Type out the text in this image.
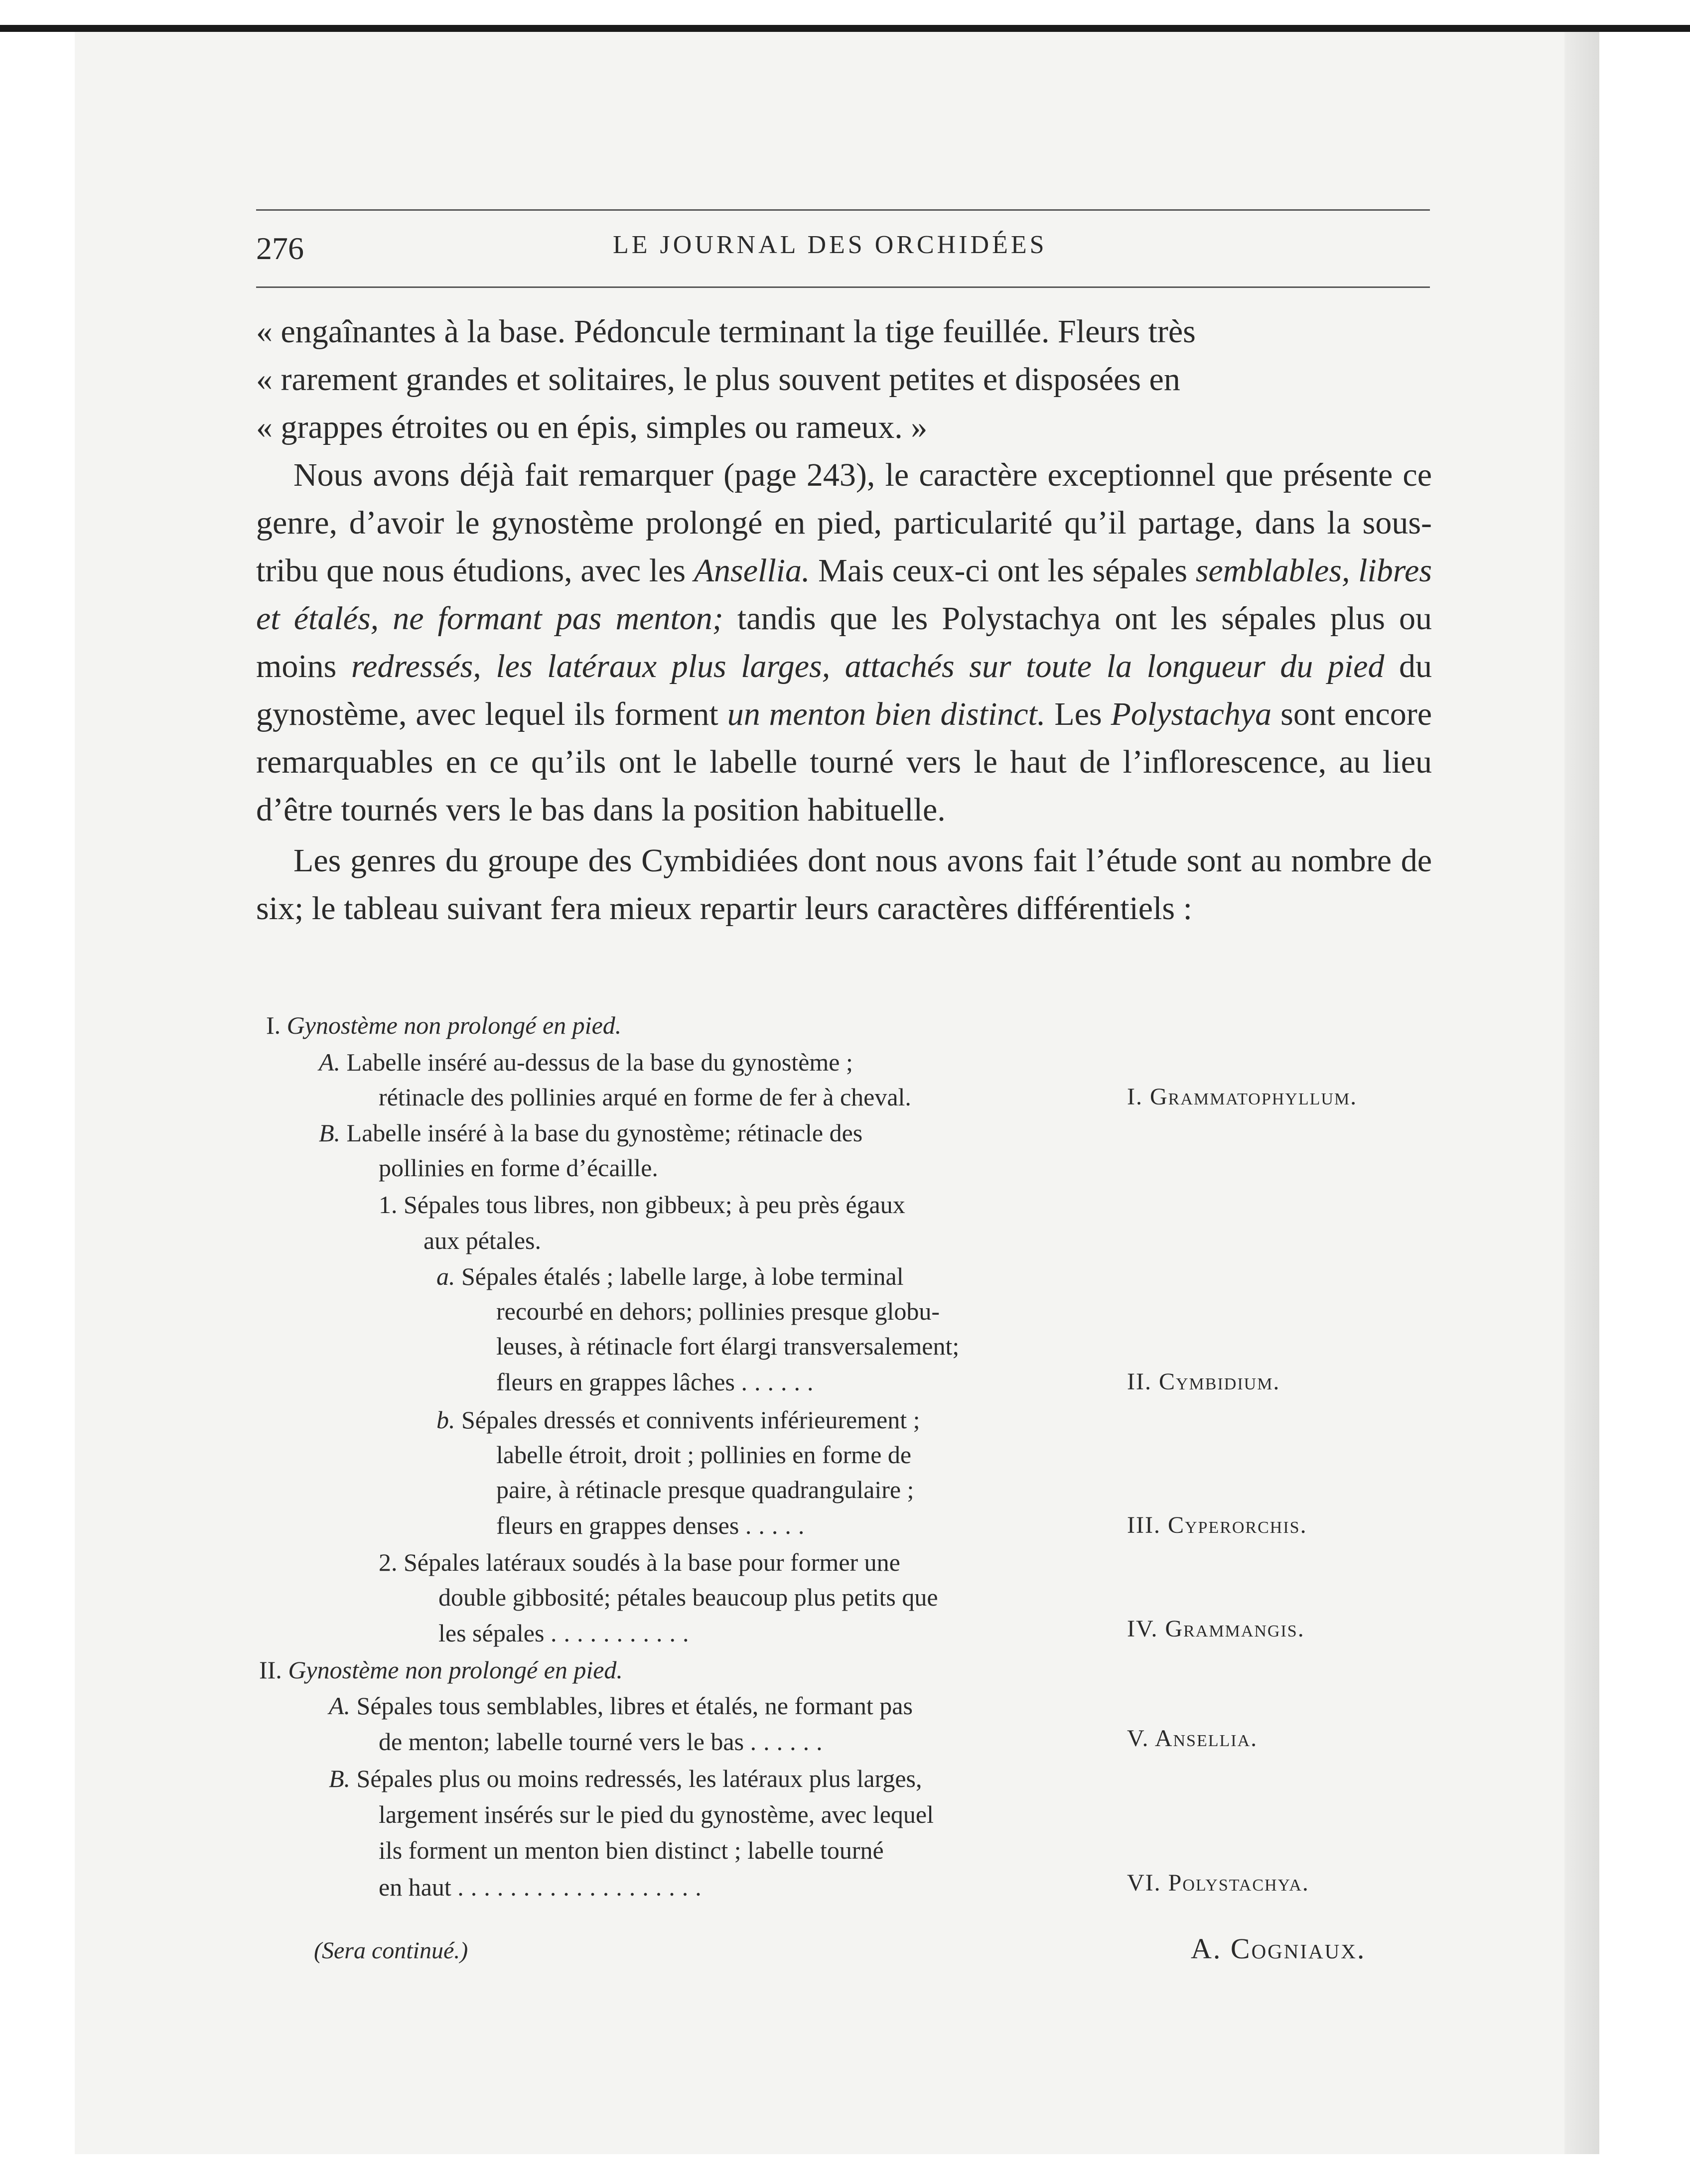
276	LE JOURNAL DES ORCHIDÉES

« engaînantes à la base. Pédoncule terminant la tige feuillée. Fleurs très
« rarement grandes et solitaires, le plus souvent petites et disposées en
« grappes étroites ou en épis, simples ou rameux. »

Nous avons déjà fait remarquer (page 243), le caractère exceptionnel que présente ce genre, d’avoir le gynostème prolongé en pied, particularité qu’il partage, dans la sous-tribu que nous étudions, avec les Ansellia. Mais ceux-ci ont les sépales semblables, libres et étalés, ne formant pas menton; tandis que les Polystachya ont les sépales plus ou moins redressés, les latéraux plus larges, attachés sur toute la longueur du pied du gynostème, avec lequel ils forment un menton bien distinct. Les Polystachya sont encore remarquables en ce qu’ils ont le labelle tourné vers le haut de l’inflorescence, au lieu d’être tournés vers le bas dans la position habituelle.

Les genres du groupe des Cymbidiées dont nous avons fait l’étude sont au nombre de six; le tableau suivant fera mieux repartir leurs caractères différentiels :

I. Gynostème non prolongé en pied.
A. Labelle inséré au-dessus de la base du gynostème ;
rétinacle des pollinies arqué en forme de fer à cheval.	I. Grammatophyllum.
B. Labelle inséré à la base du gynostème; rétinacle des
pollinies en forme d’écaille.
1. Sépales tous libres, non gibbeux; à peu près égaux
aux pétales.
a. Sépales étalés ; labelle large, à lobe terminal
recourbé en dehors; pollinies presque globu-
leuses, à rétinacle fort élargi transversalement;
fleurs en grappes lâches ......	II. Cymbidium.
b. Sépales dressés et connivents inférieurement ;
labelle étroit, droit ; pollinies en forme de
paire, à rétinacle presque quadrangulaire ;
fleurs en grappes denses .....	III. Cyperorchis.
2. Sépales latéraux soudés à la base pour former une
double gibbosité; pétales beaucoup plus petits que
les sépales ...........	IV. Grammangis.
II. Gynostème non prolongé en pied.
A. Sépales tous semblables, libres et étalés, ne formant pas
de menton; labelle tourné vers le bas ......	V. Ansellia.
B. Sépales plus ou moins redressés, les latéraux plus larges,
largement insérés sur le pied du gynostème, avec lequel
ils forment un menton bien distinct ; labelle tourné
en haut ...................	VI. Polystachya.
(Sera continué.)	A. Cogniaux.
